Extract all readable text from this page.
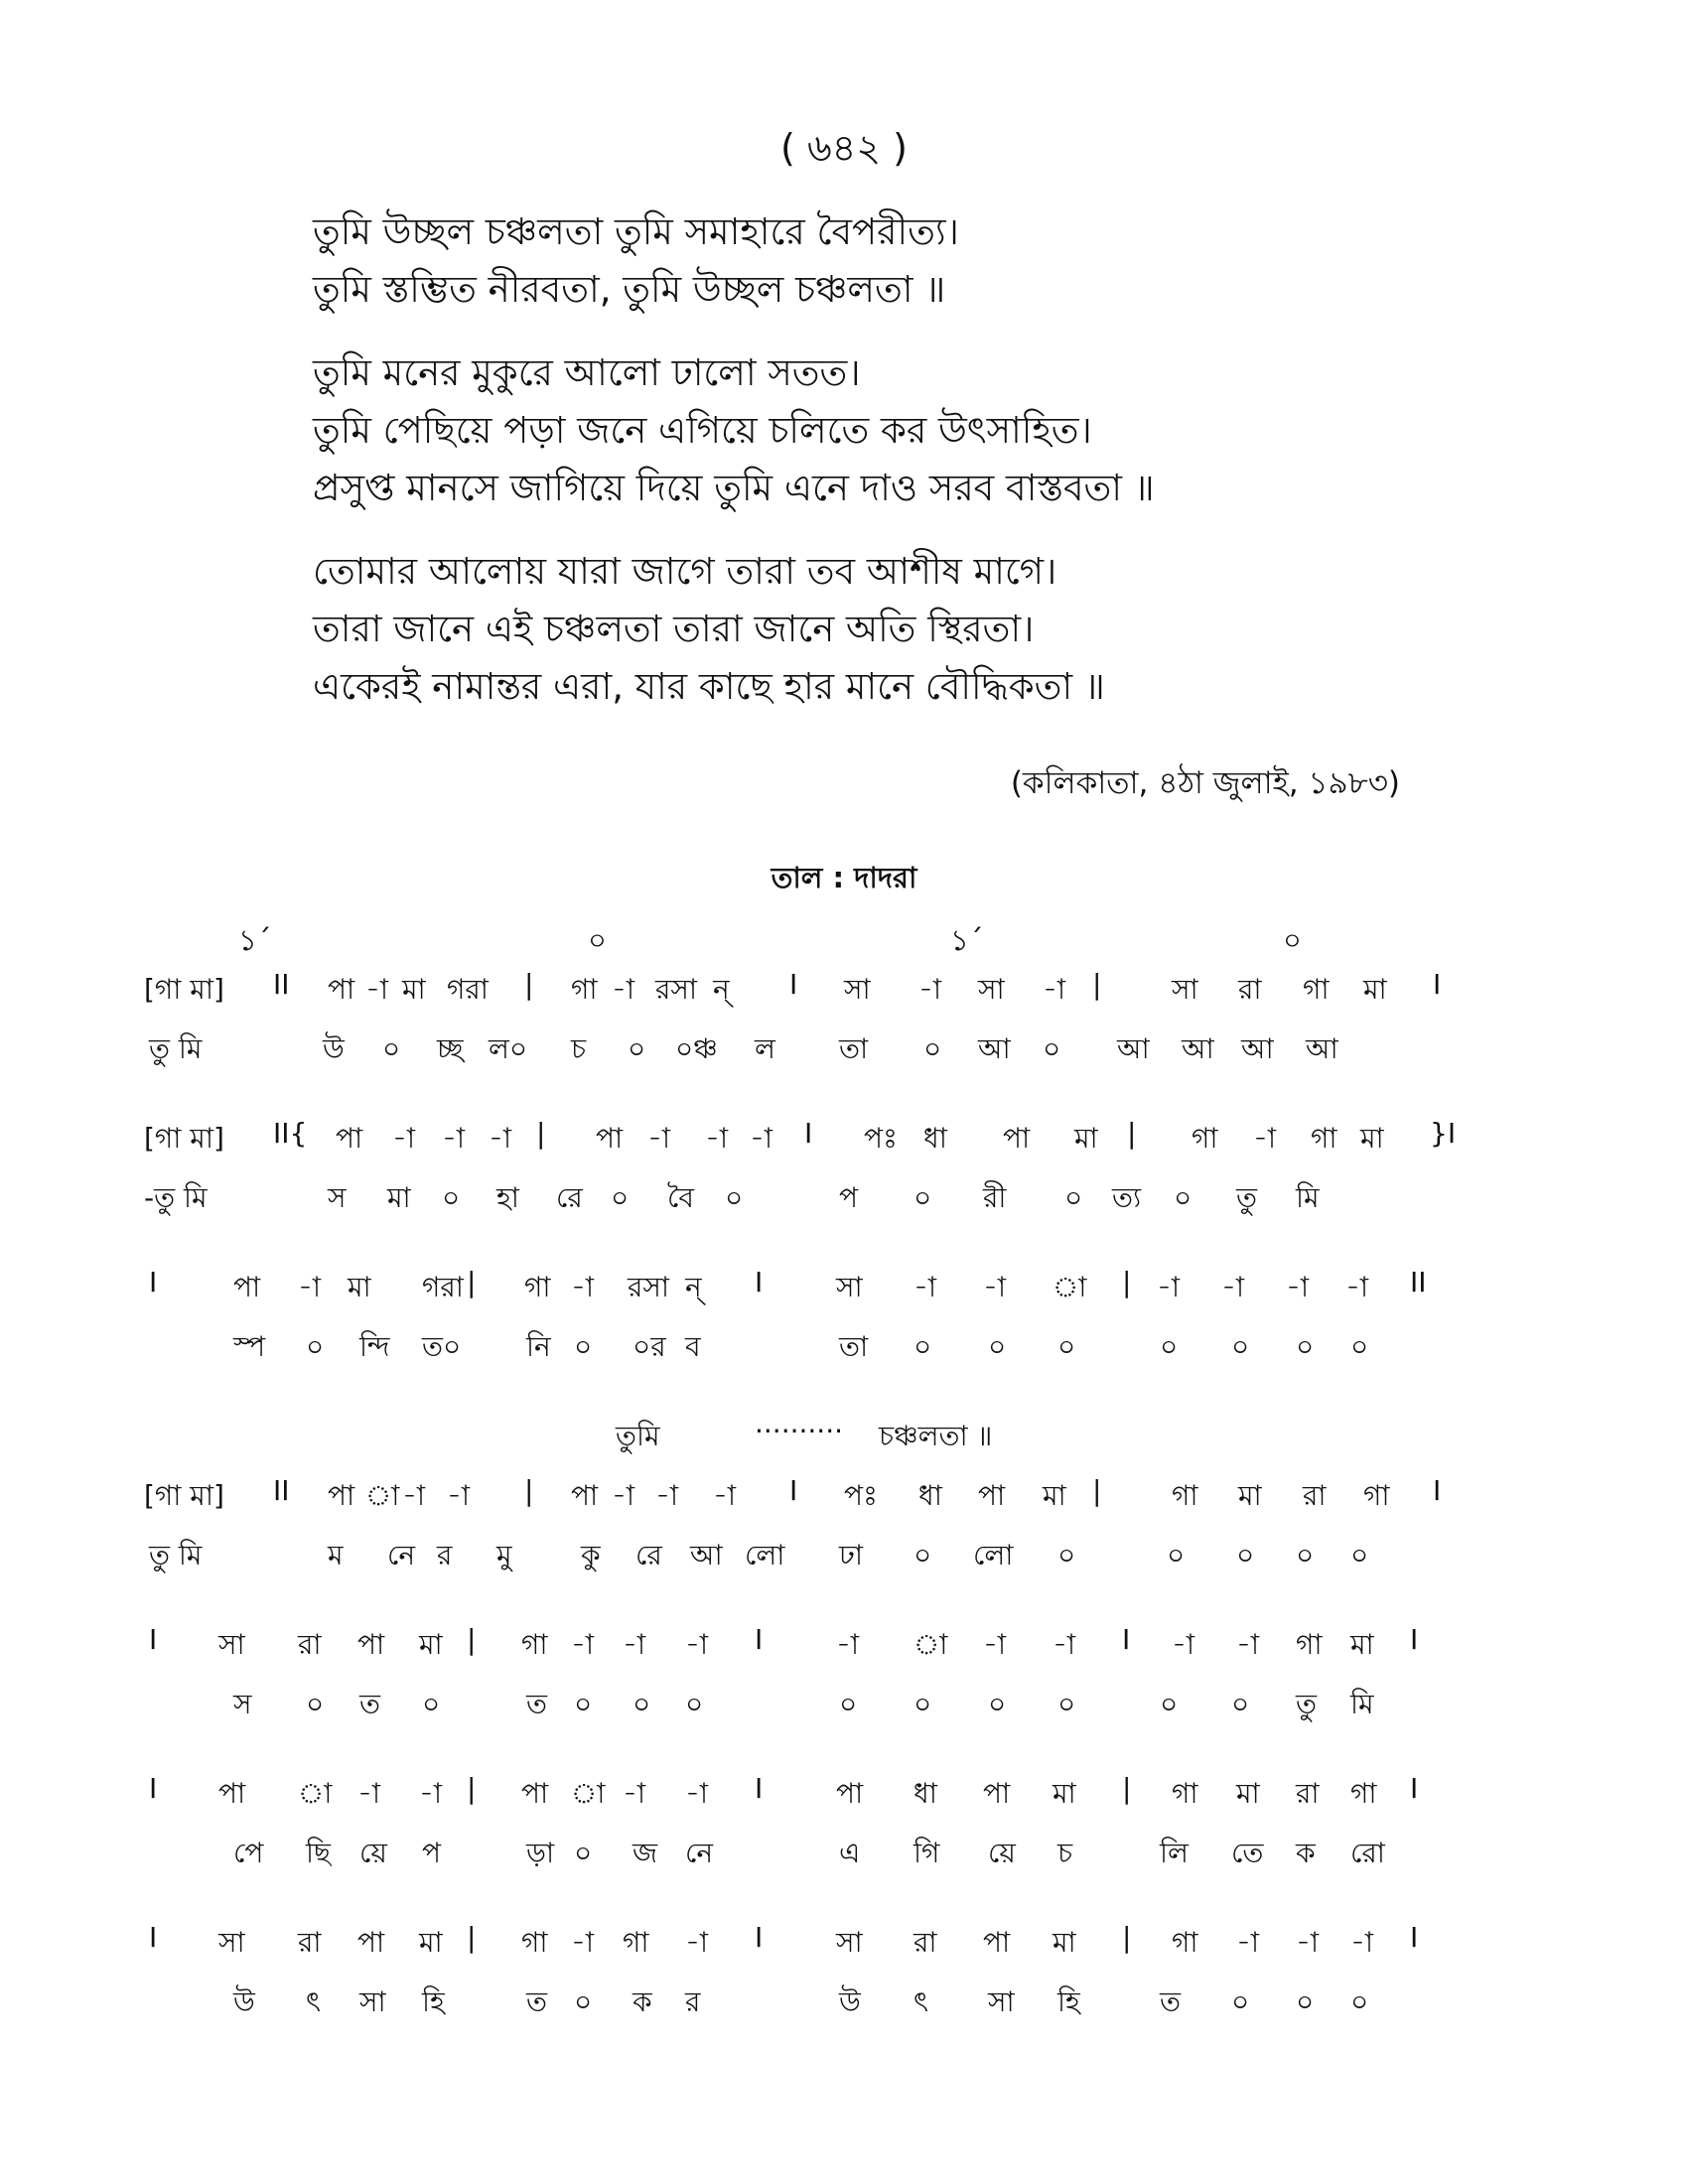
( ৬৪২ )
তুমি উচ্ছল চঞ্চলতা তুমি সমাহারে বৈপরীত্য।
তুমি স্তম্ভিত নীরবতা, তুমি উচ্ছল চঞ্চলতা ॥
তুমি মনের মুকুরে আলো ঢালো সতত।
তুমি পেছিয়ে পড়া জনে এগিয়ে চলিতে কর উৎসাহিত।
প্রসুপ্ত মানসে জাগিয়ে দিয়ে তুমি এনে দাও সরব বাস্তবতা ॥
তোমার আলোয় যারা জাগে তারা তব আশীষ মাগে।
তারা জানে এই চঞ্চলতা তারা জানে অতি স্থিরতা।
একেরই নামান্তর এরা, যার কাছে হার মানে বৌদ্ধিকতা ॥
(কলিকাতা, ৪ঠা জুলাই, ১৯৮৩)
তাল : দাদরা
১´	০	১´	০
[গা মা] II পা -া মা গরা | গা -া রসা ন্ I সা -া সা -া |	সা রা গা মা I
তু মি	উ ০ চ্ছ ল০ চ ০ ০ঞ্চ ল তা ০ আ ০ আ আ আ আ
[গা মা] II{ পা -া -া -া | পা -া -া -া I পঃ ধা পা মা | গা -া গা মা }I
-তু মি	স মা ০ হা রে ০ বৈ ০	প ০ রী ০ ত্য ০ তু মি
I	পা -া মা গরা | গা -া রসা ন্ I	সা -া -া া | -া -া -া -া II
স্প ০ ন্দি ত০ নি ০ ০র ব	তা ০ ০ ০	০ ০ ০ ০
তুমি	·········· চঞ্চলতা ॥
[গা মা] II পা া -া -া | পা -া -া -া I পঃ ধা পা মা |	গা মা রা গা I
তু মি	ম নে র মু কু রে আ লো ঢা ০ লো ০	০ ০ ০ ০
I সা রা পা মা | গা -া -া -া I	-া া -া -া I -া -া গা মা I
স ০ ত ০	ত ০ ০ ০	০ ০ ০ ০	০ ০ তু মি
I পা া -া -া | পা া -া -া I	পা ধা পা মা | গা মা রা গা I
পে ছি য়ে প	ড়া ০ জ নে	এ গি য়ে চ	লি তে ক রো
I সা রা পা মা | গা -া গা -া I	সা রা পা মা | গা -া -া -া I
উ ৎ সা হি	ত ০ ক র	উ ৎ সা হি	ত ০ ০ ০
